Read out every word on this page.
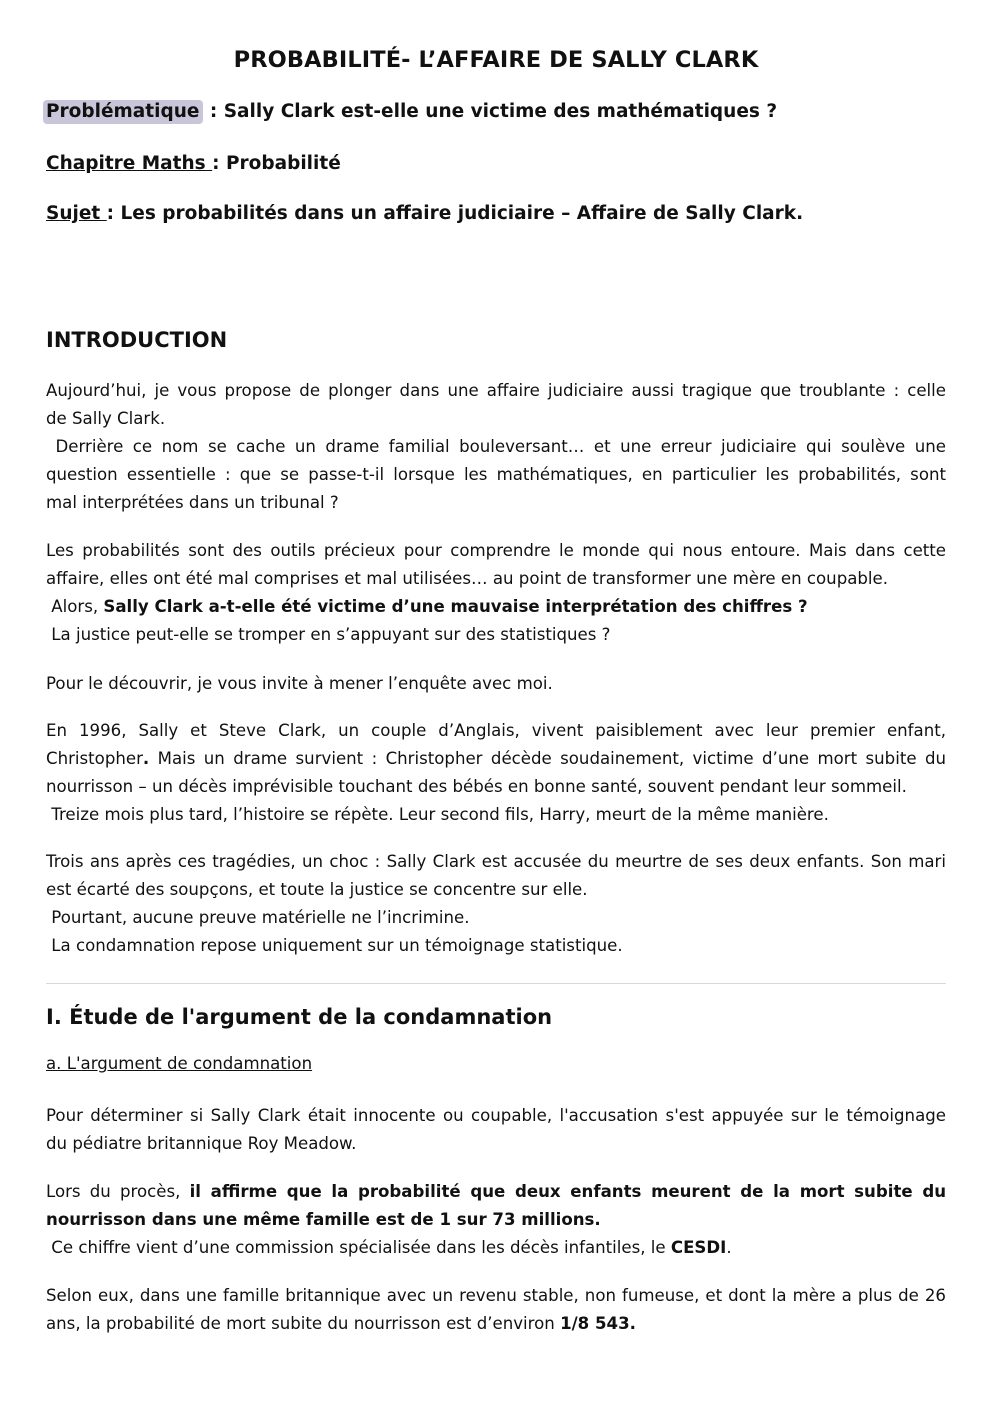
PROBABILITÉ- L’AFFAIRE DE SALLY CLARK

Problématique : Sally Clark est-elle une victime des mathématiques ?

Chapitre Maths : Probabilité

Sujet : Les probabilités dans un affaire judiciaire – Affaire de Sally Clark.

INTRODUCTION
Aujourd’hui, je vous propose de plonger dans une affaire judiciaire aussi tragique que troublante : celle
de Sally Clark.
Derrière ce nom se cache un drame familial bouleversant… et une erreur judiciaire qui soulève une
question essentielle : que se passe-t-il lorsque les mathématiques, en particulier les probabilités, sont
mal interprétées dans un tribunal ?
Les probabilités sont des outils précieux pour comprendre le monde qui nous entoure. Mais dans cette
affaire, elles ont été mal comprises et mal utilisées… au point de transformer une mère en coupable.
Alors, Sally Clark a-t-elle été victime d’une mauvaise interprétation des chiffres ?
La justice peut-elle se tromper en s’appuyant sur des statistiques ?
Pour le découvrir, je vous invite à mener l’enquête avec moi.
En 1996, Sally et Steve Clark, un couple d’Anglais, vivent paisiblement avec leur premier enfant,
Christopher. Mais un drame survient : Christopher décède soudainement, victime d’une mort subite du
nourrisson – un décès imprévisible touchant des bébés en bonne santé, souvent pendant leur sommeil.
Treize mois plus tard, l’histoire se répète. Leur second fils, Harry, meurt de la même manière.
Trois ans après ces tragédies, un choc : Sally Clark est accusée du meurtre de ses deux enfants. Son mari
est écarté des soupçons, et toute la justice se concentre sur elle.
Pourtant, aucune preuve matérielle ne l’incrimine.
La condamnation repose uniquement sur un témoignage statistique.
I. Étude de l'argument de la condamnation

a. L'argument de condamnation

Pour déterminer si Sally Clark était innocente ou coupable, l'accusation s'est appuyée sur le témoignage
du pédiatre britannique Roy Meadow.
Lors du procès, il affirme que la probabilité que deux enfants meurent de la mort subite du
nourrisson dans une même famille est de 1 sur 73 millions.
Ce chiffre vient d’une commission spécialisée dans les décès infantiles, le CESDI.
Selon eux, dans une famille britannique avec un revenu stable, non fumeuse, et dont la mère a plus de 26
ans, la probabilité de mort subite du nourrisson est d’environ 1/8 543.
